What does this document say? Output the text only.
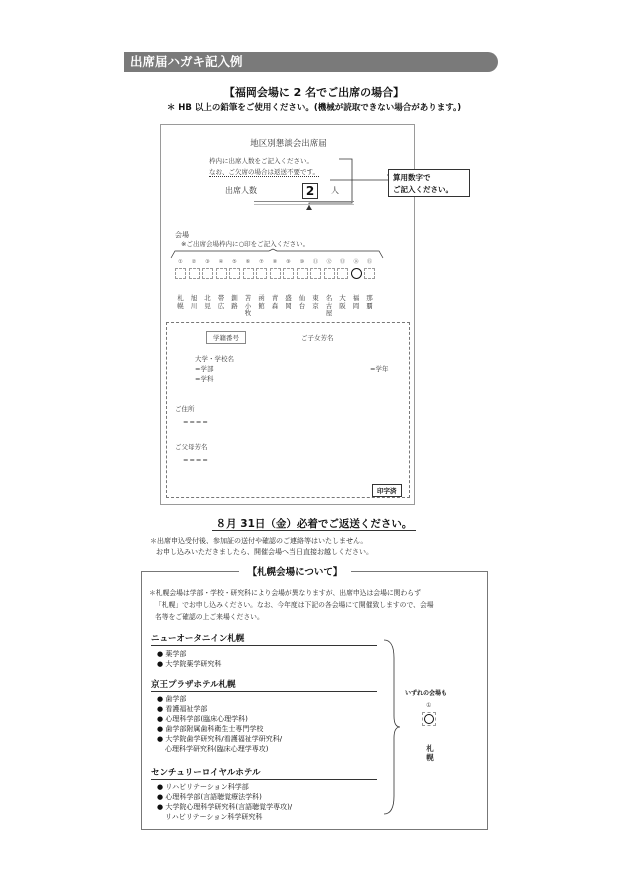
出席届ハガキ記入例
【福岡会場に 2 名でご出席の場合】
＊ HB 以上の鉛筆をご使用ください。(機械が読取できない場合があります。)
地区別懇談会出席届
枠内に出席人数をご記入ください。
なお、ご欠席の場合は返送不要です。
出席人数	2	人
会場
※ご出席会場枠内に○印をご記入ください。
学籍番号	ご子女芳名
大学・学校名
=学部	=学年
=学科
ご住所
====
ご父母芳名
====
印字済
①
札
幌
②
旭
川
③
北
見
④
帯
広
⑤
釧
路
⑥
苫
小
牧
⑦
函
館
⑧
青
森
⑨
盛
岡
⑩
仙
台
⑪
東
京
⑫
名
古
屋
⑬
大
阪
⑭
福
岡
⑮
那
覇
算用数字で
ご記入ください。
８月 31日（金）必着でご返送ください。
＊出席申込受付後、参加証の送付や確認のご連絡等はいたしません。
お申し込みいただきましたら、開催会場へ当日直接お越しください。
＊札幌会場は学部・学校・研究科により会場が異なりますが、出席申込は会場に関わらず
「札幌」でお申し込みください。なお、今年度は下記の各会場にて開催致しますので、会場
名等をご確認の上ご来場ください。
ニューオータニイン札幌
● 薬学部
● 大学院薬学研究科
京王プラザホテル札幌
● 歯学部
● 看護福祉学部
● 心理科学部(臨床心理学科)
● 歯学部附属歯科衛生士専門学校
● 大学院歯学研究科/看護福祉学研究科/
心理科学研究科(臨床心理学専攻)
センチュリーロイヤルホテル
● リハビリテーション科学部
● 心理科学部(言語聴覚療法学科)
● 大学院心理科学研究科(言語聴覚学専攻)/
リハビリテーション科学研究科
いずれの会場も
①
札
幌
【札幌会場について】
